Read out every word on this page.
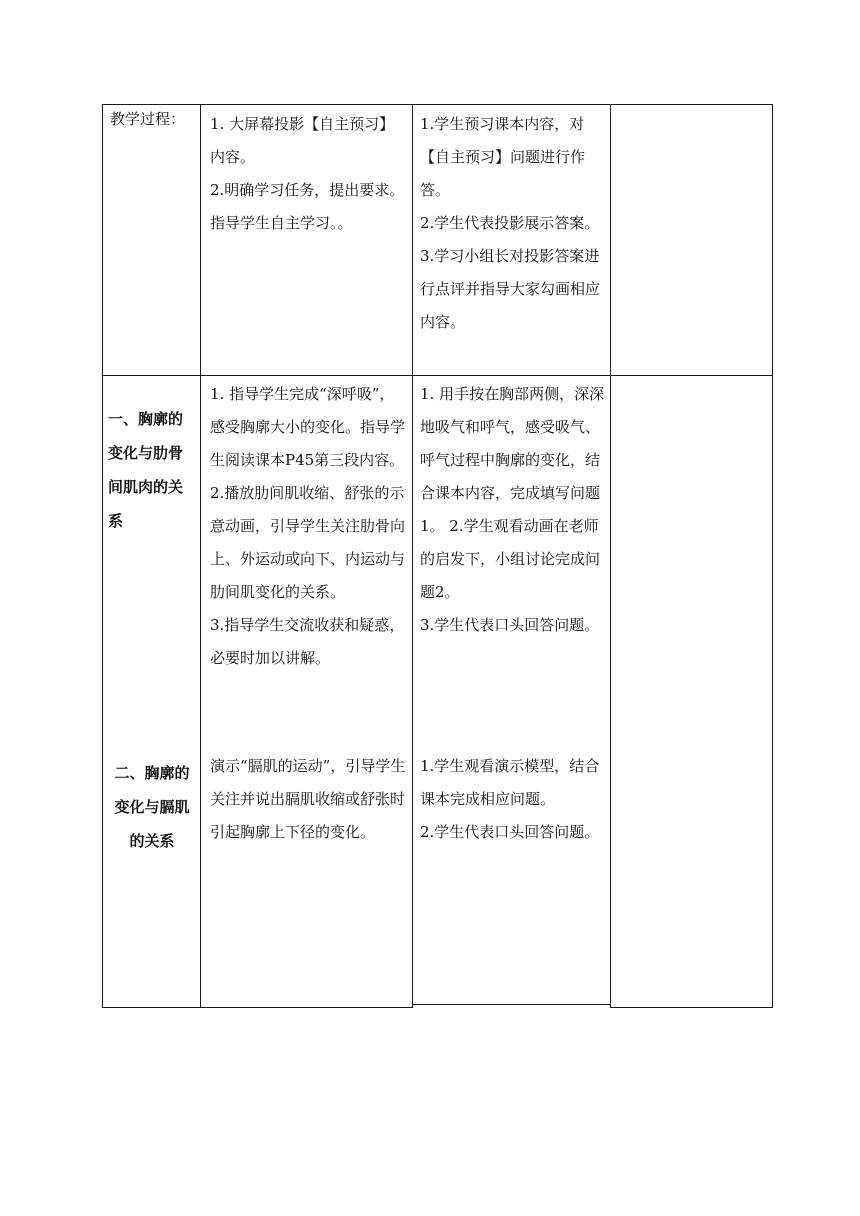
教学过程：	1. 大屏幕投影【自主预习】内容。

2.明确学习任务，提出要求。指导学生自主学习。。

1.学生预习课本内容，对【自主预习】问题进行作答。

2.学生代表投影展示答案。

3.学习小组长对投影答案进行点评并指导大家勾画相应内容。

一、胸廓的变化与肋骨间肌肉的关系

二、胸廓的变化与膈肌的关系

1. 指导学生完成“深呼吸”，感受胸廓大小的变化。指导学生阅读课本P45第三段内容。 2.播放肋间肌收缩、舒张的示意动画，引导学生关注肋骨向上、外运动或向下、内运动与肋间肌变化的关系。

3.指导学生交流收获和疑惑，必要时加以讲解。

演示“膈肌的运动”，引导学生关注并说出膈肌收缩或舒张时引起胸廓上下径的变化。

1. 用手按在胸部两侧，深深地吸气和呼气，感受吸气、呼气过程中胸廓的变化，结合课本内容，完成填写问题1。 2.学生观看动画在老师的启发下，小组讨论完成问题2。

3.学生代表口头回答问题。

1.学生观看演示模型，结合课本完成相应问题。

2.学生代表口头回答问题。
